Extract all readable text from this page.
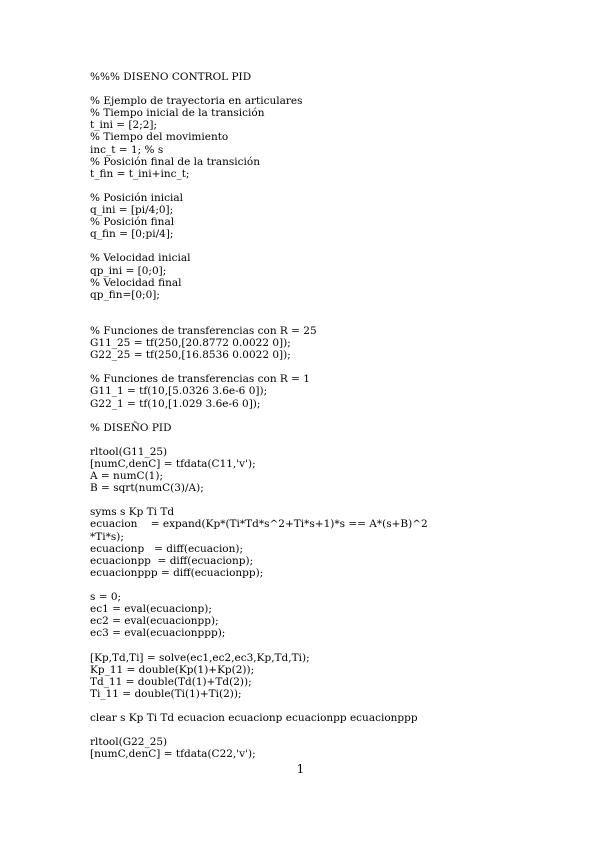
%%% DISENO CONTROL PID
% Ejemplo de trayectoria en articulares
% Tiempo inicial de la transición
t_ini = [2;2];
% Tiempo del movimiento
inc_t = 1; % s
% Posición final de la transición
t_fin = t_ini+inc_t;
% Posición inicial
q_ini = [pi/4;0];
% Posición final
q_fin = [0;pi/4];
% Velocidad inicial
qp_ini = [0;0];
% Velocidad final
qp_fin=[0;0];
% Funciones de transferencias con R = 25
G11_25 = tf(250,[20.8772 0.0022 0]);
G22_25 = tf(250,[16.8536 0.0022 0]);
% Funciones de transferencias con R = 1
G11_1 = tf(10,[5.0326 3.6e-6 0]);
G22_1 = tf(10,[1.029 3.6e-6 0]);
% DISEÑO PID
rltool(G11_25)
[numC,denC] = tfdata(C11,'v');
A = numC(1);
B = sqrt(numC(3)/A);
syms s Kp Ti Td
ecuacion    = expand(Kp*(Ti*Td*s^2+Ti*s+1)*s == A*(s+B)^2
*Ti*s);
ecuacionp   = diff(ecuacion);
ecuacionpp  = diff(ecuacionp);
ecuacionppp = diff(ecuacionpp);
s = 0;
ec1 = eval(ecuacionp);
ec2 = eval(ecuacionpp);
ec3 = eval(ecuacionppp);
[Kp,Td,Ti] = solve(ec1,ec2,ec3,Kp,Td,Ti);
Kp_11 = double(Kp(1)+Kp(2));
Td_11 = double(Td(1)+Td(2));
Ti_11 = double(Ti(1)+Ti(2));
clear s Kp Ti Td ecuacion ecuacionp ecuacionpp ecuacionppp
rltool(G22_25)
[numC,denC] = tfdata(C22,'v');
1
